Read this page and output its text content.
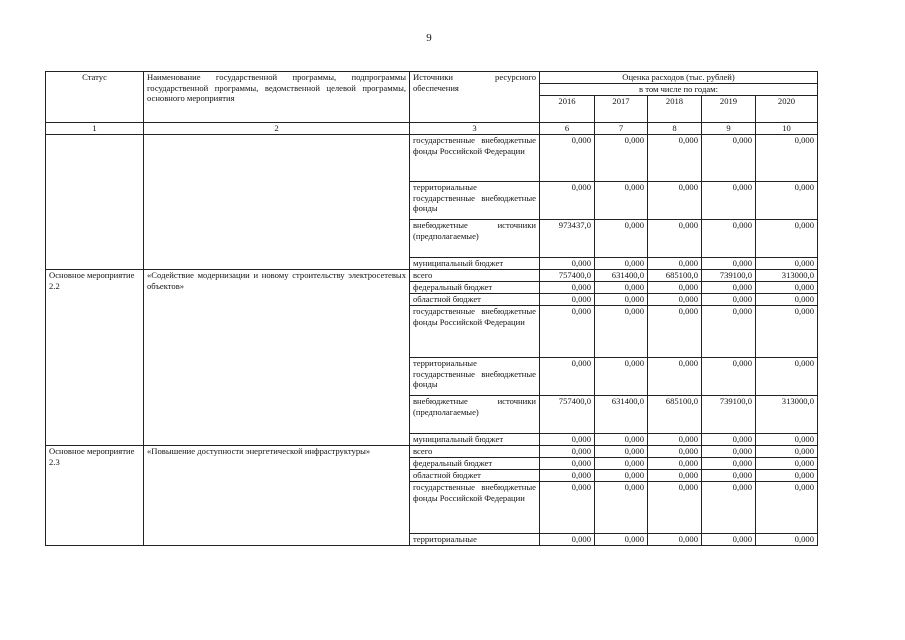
9
Статус	Наименование государственной программы, подпрограммы государственной программы, ведомственной целевой программы, основного мероприятия	Источники ресурсного обеспечения	Оценка расходов (тыс. рублей)				
			в том числе по годам:				
			2016	2017	2018	2019	2020
1	2	3	6	7	8	9	10
		государственные внебюджетные фонды Российской Федерации	0,000	0,000	0,000	0,000	0,000
		территориальные государственные внебюджетные фонды	0,000	0,000	0,000	0,000	0,000
		внебюджетные источники (предполагаемые)	973437,0	0,000	0,000	0,000	0,000
		муниципальный бюджет	0,000	0,000	0,000	0,000	0,000
Основное мероприятие 2.2	«Содействие модернизации и новому строительству электросетевых объектов»	всего	757400,0	631400,0	685100,0	739100,0	313000,0
		федеральный бюджет	0,000	0,000	0,000	0,000	0,000
		областной бюджет	0,000	0,000	0,000	0,000	0,000
		государственные внебюджетные фонды Российской Федерации	0,000	0,000	0,000	0,000	0,000
		территориальные государственные внебюджетные фонды	0,000	0,000	0,000	0,000	0,000
		внебюджетные источники (предполагаемые)	757400,0	631400,0	685100,0	739100,0	313000,0
		муниципальный бюджет	0,000	0,000	0,000	0,000	0,000
Основное мероприятие 2.3	«Повышение доступности энергетической инфраструктуры»	всего	0,000	0,000	0,000	0,000	0,000
		федеральный бюджет	0,000	0,000	0,000	0,000	0,000
		областной бюджет	0,000	0,000	0,000	0,000	0,000
		государственные внебюджетные фонды Российской Федерации	0,000	0,000	0,000	0,000	0,000
		территориальные	0,000	0,000	0,000	0,000	0,000
